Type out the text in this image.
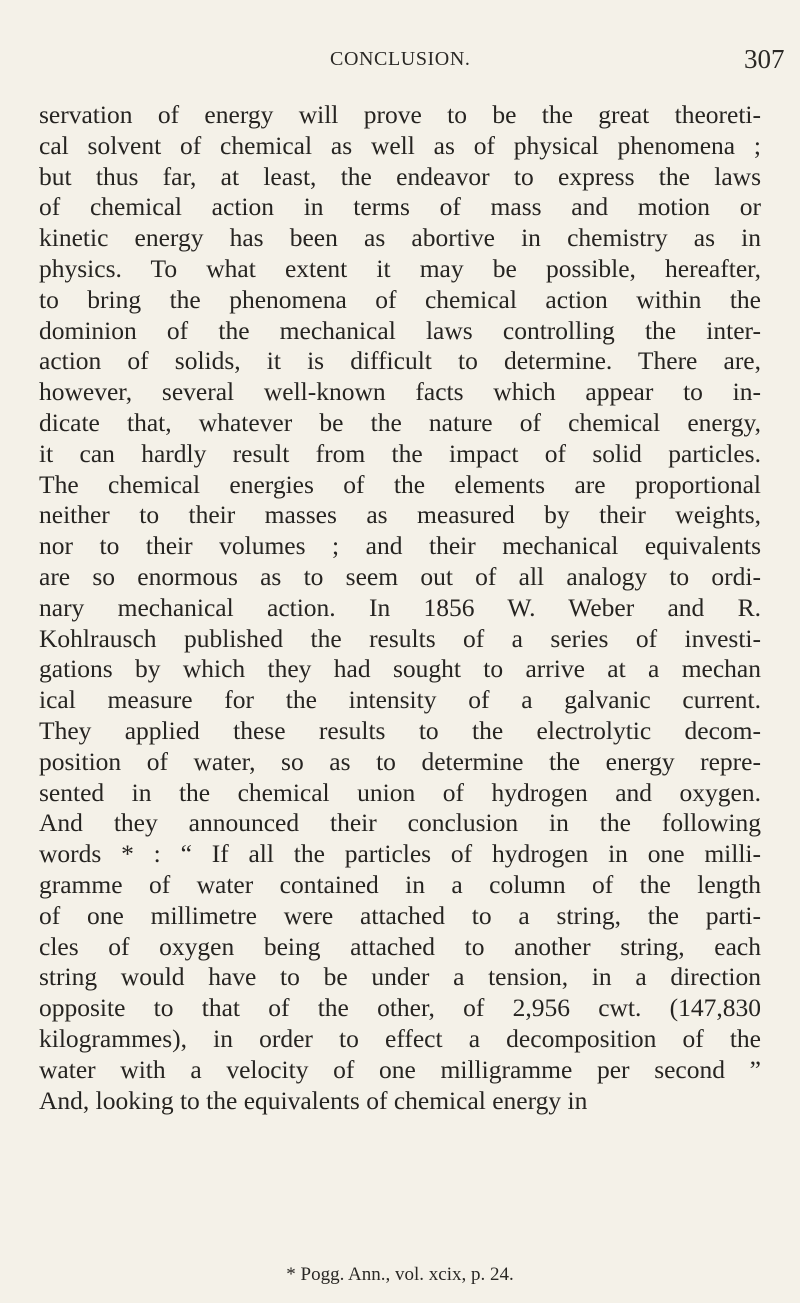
CONCLUSION.	307
servation of energy will prove to be the great theoreti-
cal solvent of chemical as well as of physical phenomena ;
but thus far, at least, the endeavor to express the laws
of chemical action in terms of mass and motion or
kinetic energy has been as abortive in chemistry as in
physics. To what extent it may be possible, hereafter,
to bring the phenomena of chemical action within the
dominion of the mechanical laws controlling the inter-
action of solids, it is difficult to determine. There are,
however, several well-known facts which appear to in-
dicate that, whatever be the nature of chemical energy,
it can hardly result from the impact of solid particles.
The chemical energies of the elements are proportional
neither to their masses as measured by their weights,
nor to their volumes ; and their mechanical equivalents
are so enormous as to seem out of all analogy to ordi-
nary mechanical action. In 1856 W. Weber and R.
Kohlrausch published the results of a series of investi-
gations by which they had sought to arrive at a mechan
ical measure for the intensity of a galvanic current.
They applied these results to the electrolytic decom-
position of water, so as to determine the energy repre-
sented in the chemical union of hydrogen and oxygen.
And they announced their conclusion in the following
words * : “ If all the particles of hydrogen in one milli-
gramme of water contained in a column of the length
of one millimetre were attached to a string, the parti-
cles of oxygen being attached to another string, each
string would have to be under a tension, in a direction
opposite to that of the other, of 2,956 cwt. (147,830
kilogrammes), in order to effect a decomposition of the
water with a velocity of one milligramme per second ”
And, looking to the equivalents of chemical energy in
* Pogg. Ann., vol. xcix, p. 24.
